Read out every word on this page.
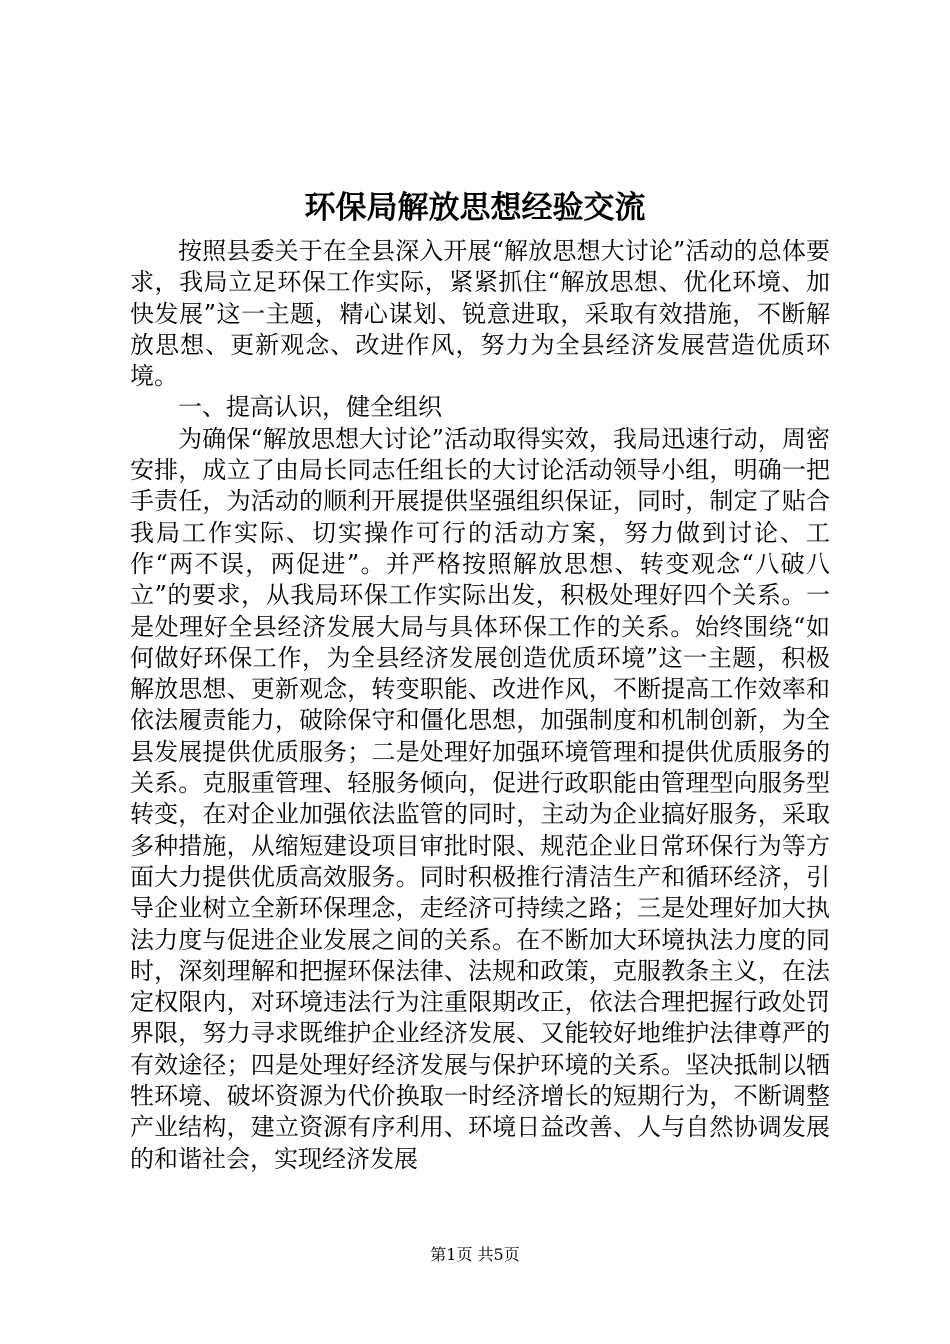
环保局解放思想经验交流

按照县委关于在全县深入开展“解放思想大讨论”活动的总体要求，我局立足环保工作实际，紧紧抓住“解放思想、优化环境、加快发展”这一主题，精心谋划、锐意进取，采取有效措施，不断解放思想、更新观念、改进作风，努力为全县经济发展营造优质环境。

一、提高认识，健全组织

为确保“解放思想大讨论”活动取得实效，我局迅速行动，周密安排，成立了由局长同志任组长的大讨论活动领导小组，明确一把手责任，为活动的顺利开展提供坚强组织保证，同时，制定了贴合我局工作实际、切实操作可行的活动方案，努力做到讨论、工作“两不误，两促进”。并严格按照解放思想、转变观念“八破八立”的要求，从我局环保工作实际出发，积极处理好四个关系。一是处理好全县经济发展大局与具体环保工作的关系。始终围绕“如何做好环保工作，为全县经济发展创造优质环境”这一主题，积极解放思想、更新观念，转变职能、改进作风，不断提高工作效率和依法履责能力，破除保守和僵化思想，加强制度和机制创新，为全县发展提供优质服务；二是处理好加强环境管理和提供优质服务的关系。克服重管理、轻服务倾向，促进行政职能由管理型向服务型转变，在对企业加强依法监管的同时，主动为企业搞好服务，采取多种措施，从缩短建设项目审批时限、规范企业日常环保行为等方面大力提供优质高效服务。同时积极推行清洁生产和循环经济，引导企业树立全新环保理念，走经济可持续之路；三是处理好加大执法力度与促进企业发展之间的关系。在不断加大环境执法力度的同时，深刻理解和把握环保法律、法规和政策，克服教条主义，在法定权限内，对环境违法行为注重限期改正，依法合理把握行政处罚界限，努力寻求既维护企业经济发展、又能较好地维护法律尊严的有效途径；四是处理好经济发展与保护环境的关系。坚决抵制以牺牲环境、破坏资源为代价换取一时经济增长的短期行为，不断调整产业结构，建立资源有序利用、环境日益改善、人与自然协调发展的和谐社会，实现经济发展

第1页 共5页
